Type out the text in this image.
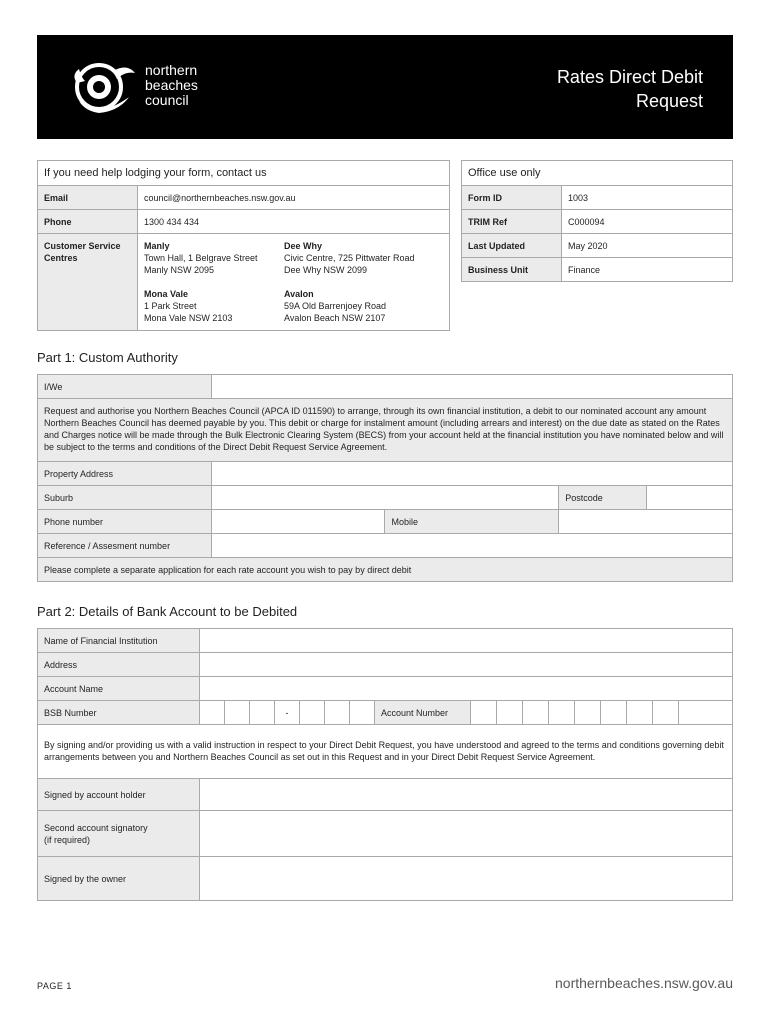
northern
beaches
council
Rates Direct Debit
Request
If you need help lodging your form, contact us
Email	council@northernbeaches.nsw.gov.au
Phone	1300 434 434
Customer Service Centres	
Manly
Town Hall, 1 Belgrave Street
Manly NSW 2095

Dee Why
Civic Centre, 725 Pittwater Road
Dee Why NSW 2099

Mona Vale
1 Park Street
Mona Vale NSW 2103

Avalon
59A Old Barrenjoey Road
Avalon Beach NSW 2107
Office use only	
Form ID	1003
TRIM Ref	C000094
Last Updated	May 2020
Business Unit	Finance
Part 1: Custom Authority
I/We				
Request and authorise you Northern Beaches Council (APCA ID 011590) to arrange, through its own financial institution, a debit to our nominated account any amount Northern Beaches Council has deemed payable by you. This debit or charge for instalment amount (including arrears and interest) on the due date as stated on the Rates and Charges notice will be made through the Bulk Electronic Clearing System (BECS) from your account held at the financial institution you have nominated below and will be subject to the terms and conditions of the Direct Debit Request Service Agreement.				
Property Address				
Suburb			Postcode	
Phone number		Mobile		
Reference / Assesment number				
Please complete a separate application for each rate account you wish to pay by direct debit				
Part 2: Details of Bank Account to be Debited
Name of Financial Institution																	
Address																	
Account Name																	
BSB Number				-				Account Number									
By signing and/or providing us with a valid instruction in respect to your Direct Debit Request, you have understood and agreed to the terms and conditions governing debit arrangements between you and Northern Beaches Council as set out in this Request and in your Direct Debit Request Service Agreement.																	
Signed by account holder																	

Second account signatory
(if required)																	

Signed by the owner																	
PAGE 1	northernbeaches.nsw.gov.au
